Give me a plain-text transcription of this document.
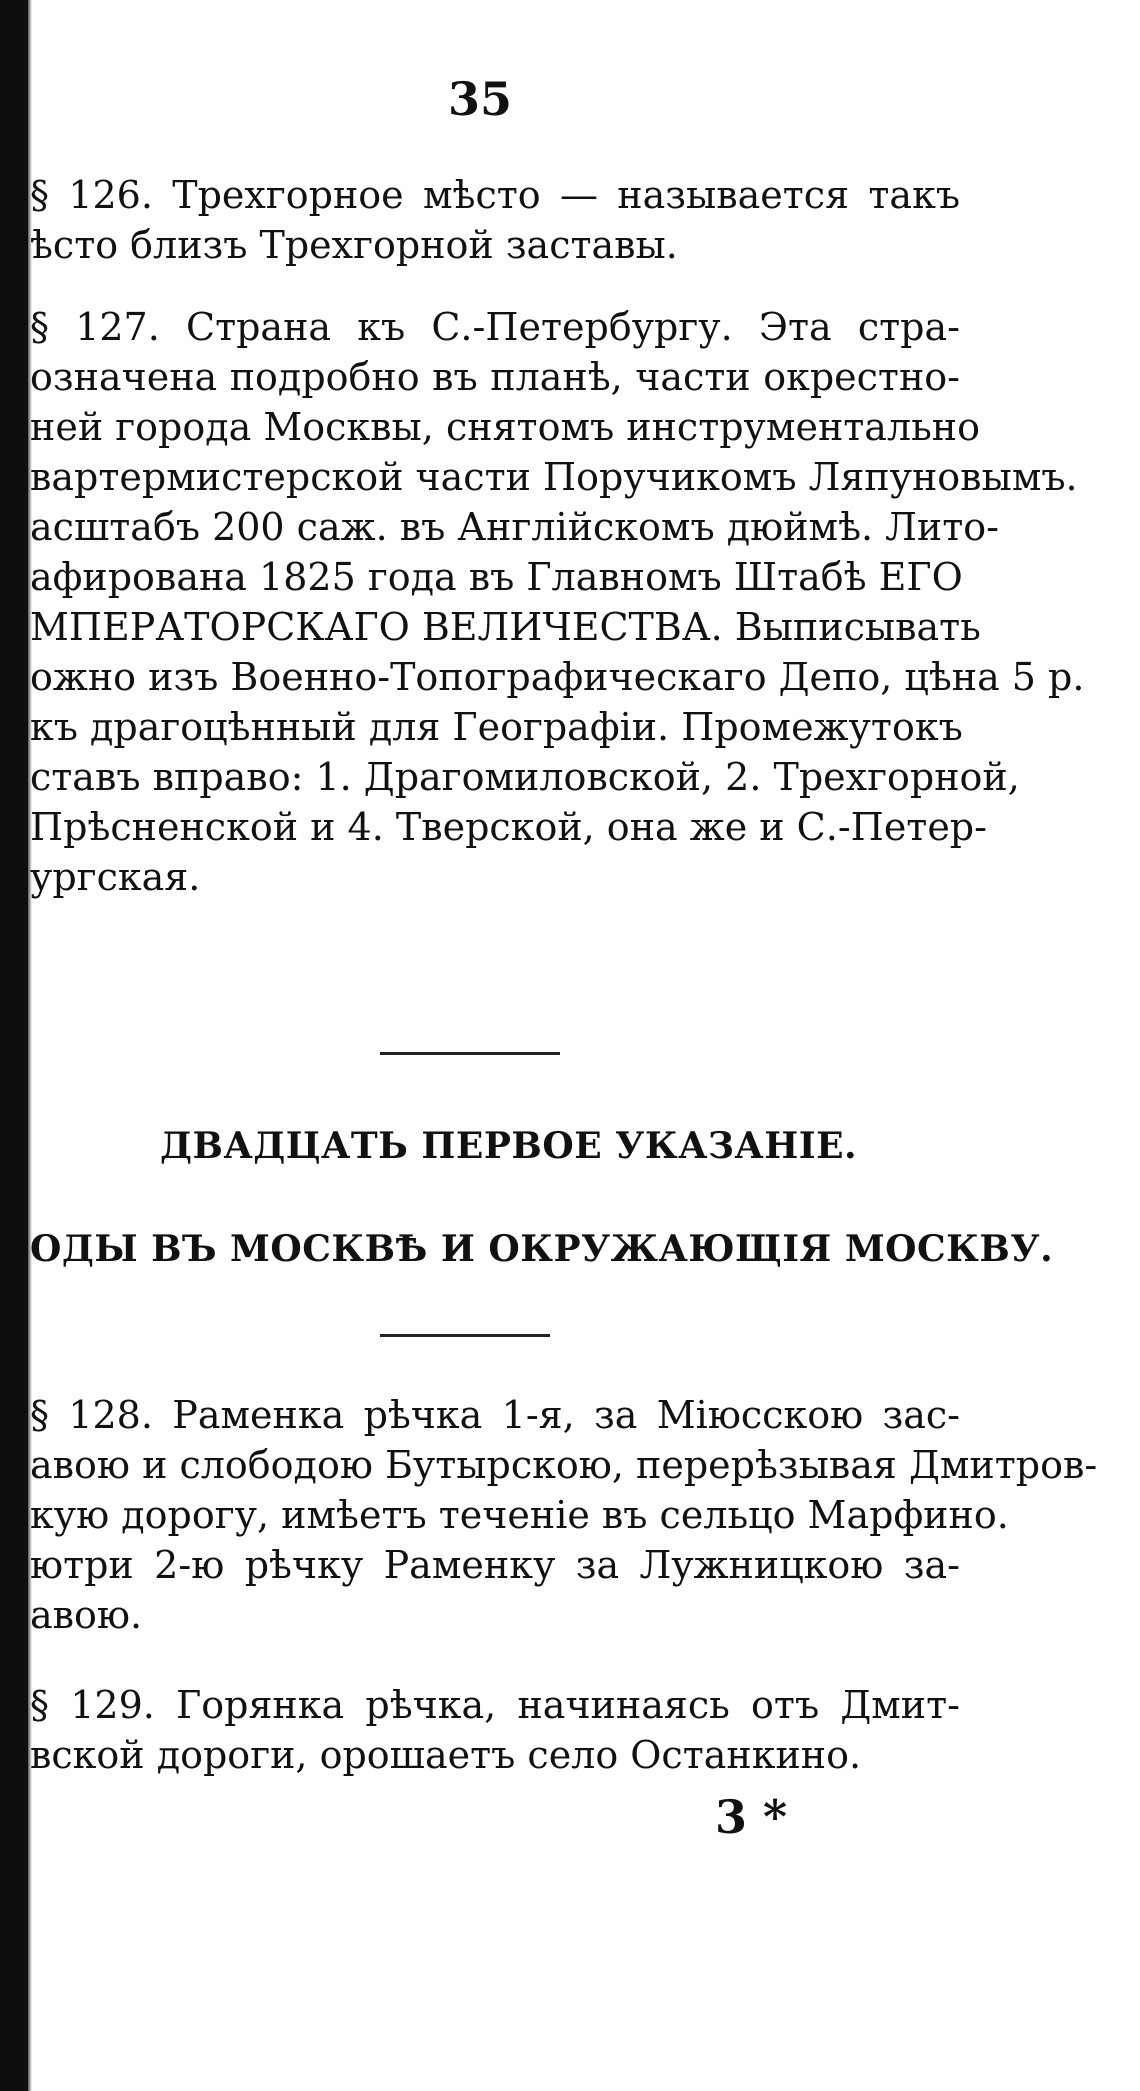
35
§ 126. Трехгорное мѣсто — называется такъ
ѣсто близъ Трехгорной заставы.
§ 127. Страна къ С.-Петербургу. Эта стра-
означена подробно въ планѣ, части окрестно-
ней города Москвы, снятомъ инструментально
вартермистерской части Поручикомъ Ляпуновымъ.
асштабъ 200 саж. въ Англійскомъ дюймѣ. Лито-
афирована 1825 года въ Главномъ Штабѣ ЕГО
МПЕРАТОРСКАГО ВЕЛИЧЕСТВА. Выписывать
ожно изъ Военно-Топографическаго Депо, цѣна 5 р.
къ драгоцѣнный для Географіи. Промежутокъ
ставъ вправо: 1. Драгомиловской, 2. Трехгорной,
Прѣсненской и 4. Тверской, она же и С.-Петер-
ургская.
ДВАДЦАТЬ ПЕРВОЕ УКАЗАНІЕ.
ОДЫ ВЪ МОСКВѢ И ОКРУЖАЮЩІЯ МОСКВУ.
§ 128. Раменка рѣчка 1-я, за Міюсскою зас-
авою и слободою Бутырскою, перерѣзывая Дмитров-
кую дорогу, имѣетъ теченіе въ сельцо Марфино.
ютри 2-ю рѣчку Раменку за Лужницкою за-
авою.
§ 129. Горянка рѣчка, начинаясь отъ Дмит-
вской дороги, орошаетъ село Останкино.
3 *
